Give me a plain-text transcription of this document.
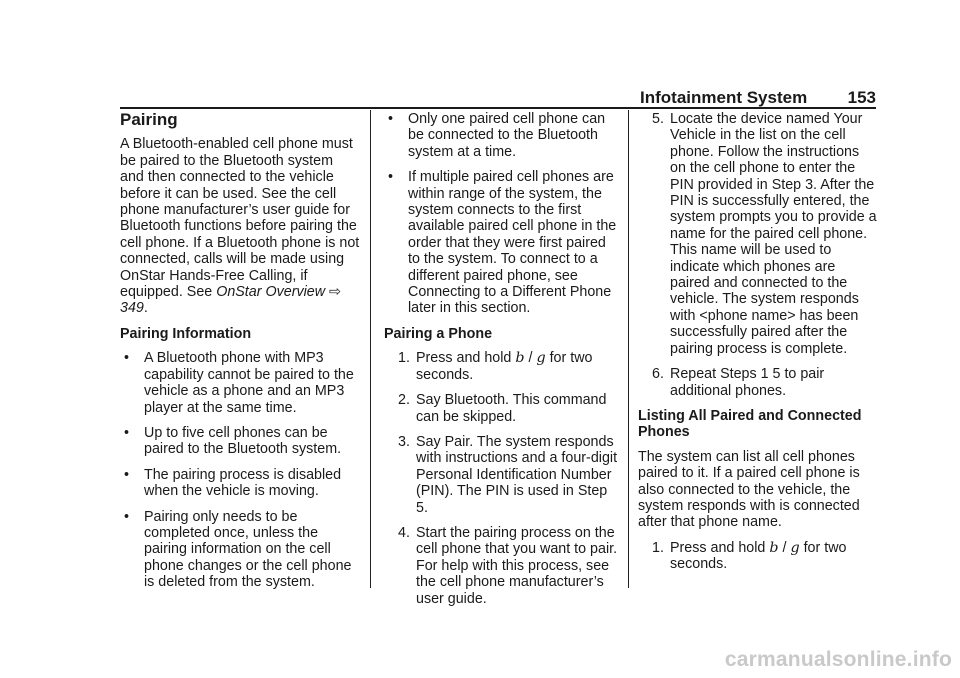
Infotainment System 153
Pairing

A Bluetooth-enabled cell phone must be paired to the Bluetooth system and then connected to the vehicle before it can be used. See the cell phone manufacturer’s user guide for Bluetooth functions before pairing the cell phone. If a Bluetooth phone is not connected, calls will be made using OnStar Hands-Free Calling, if equipped. See OnStar Overview ⇨ 349.

Pairing Information
• A Bluetooth phone with MP3 capability cannot be paired to the vehicle as a phone and an MP3 player at the same time.
• Up to five cell phones can be paired to the Bluetooth system.
• The pairing process is disabled when the vehicle is moving.
• Pairing only needs to be completed once, unless the pairing information on the cell phone changes or the cell phone is deleted from the system.
• Only one paired cell phone can be connected to the Bluetooth system at a time.
• If multiple paired cell phones are within range of the system, the system connects to the first available paired cell phone in the order that they were first paired to the system. To connect to a different paired phone, see Connecting to a Different Phone later in this section.
Pairing a Phone
1. Press and hold b / g for two seconds.
2. Say Bluetooth. This command can be skipped.
3. Say Pair. The system responds with instructions and a four-digit Personal Identification Number (PIN). The PIN is used in Step 5.
4. Start the pairing process on the cell phone that you want to pair. For help with this process, see the cell phone manufacturer’s user guide.
5. Locate the device named Your Vehicle in the list on the cell phone. Follow the instructions on the cell phone to enter the PIN provided in Step 3. After the PIN is successfully entered, the system prompts you to provide a name for the paired cell phone. This name will be used to indicate which phones are paired and connected to the vehicle. The system responds with <phone name> has been successfully paired after the pairing process is complete.
6. Repeat Steps 1 5 to pair additional phones.
Listing All Paired and Connected Phones

The system can list all cell phones paired to it. If a paired cell phone is also connected to the vehicle, the system responds with is connected after that phone name.

1. Press and hold b / g for two seconds.
carmanualsonline.info
